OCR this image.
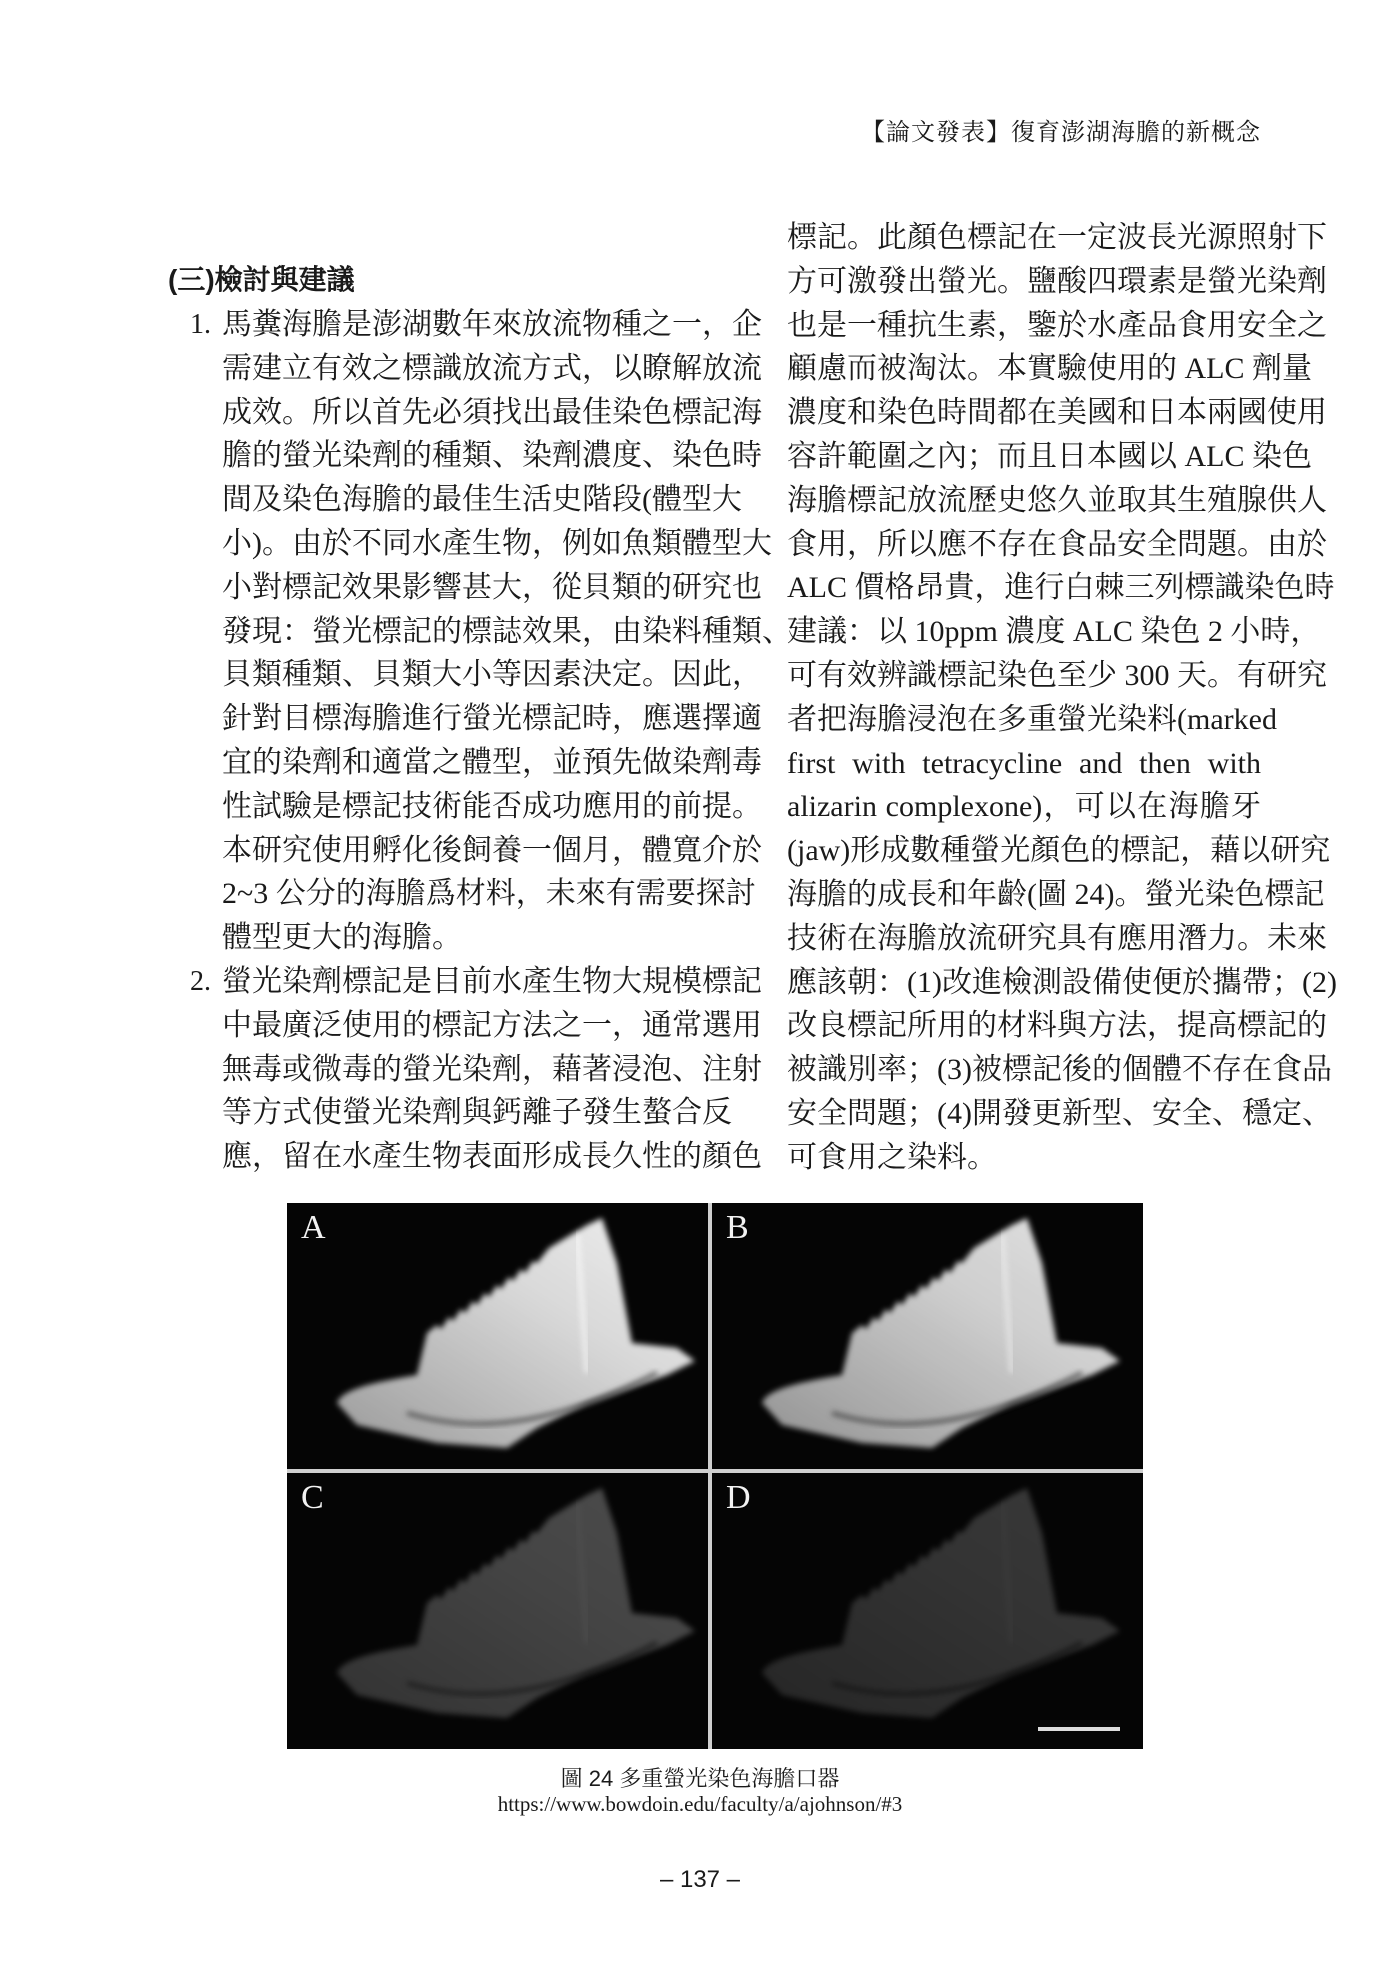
【論文發表】復育澎湖海膽的新概念
(三)檢討與建議
1.
2.
馬糞海膽是澎湖數年來放流物種之一，企
需建立有效之標識放流方式，以瞭解放流
成效。所以首先必須找出最佳染色標記海
膽的螢光染劑的種類、染劑濃度、染色時
間及染色海膽的最佳生活史階段(體型大
小)。由於不同水產生物，例如魚類體型大
小對標記效果影響甚大，從貝類的研究也
發現：螢光標記的標誌效果，由染料種類、
貝類種類、貝類大小等因素決定。因此，
針對目標海膽進行螢光標記時，應選擇適
宜的染劑和適當之體型，並預先做染劑毒
性試驗是標記技術能否成功應用的前提。
本研究使用孵化後飼養一個月，體寬介於
2~3 公分的海膽爲材料，未來有需要探討
體型更大的海膽。
螢光染劑標記是目前水產生物大規模標記
中最廣泛使用的標記方法之一，通常選用
無毒或微毒的螢光染劑，藉著浸泡、注射
等方式使螢光染劑與鈣離子發生螯合反
應，留在水產生物表面形成長久性的顏色
標記。此顏色標記在一定波長光源照射下
方可激發出螢光。鹽酸四環素是螢光染劑
也是一種抗生素，鑒於水產品食用安全之
顧慮而被淘汰。本實驗使用的 ALC 劑量
濃度和染色時間都在美國和日本兩國使用
容許範圍之內；而且日本國以 ALC 染色
海膽標記放流歷史悠久並取其生殖腺供人
食用，所以應不存在食品安全問題。由於
ALC 價格昂貴，進行白棘三列標識染色時
建議：以 10ppm 濃度 ALC 染色 2 小時，
可有效辨識標記染色至少 300 天。有研究
者把海膽浸泡在多重螢光染料(marked
first with tetracycline and then with
alizarin complexone)，可以在海膽牙
(jaw)形成數種螢光顏色的標記，藉以研究
海膽的成長和年齡(圖 24)。螢光染色標記
技術在海膽放流研究具有應用潛力。未來
應該朝：(1)改進檢測設備使便於攜帶；(2)
改良標記所用的材料與方法，提高標記的
被識別率；(3)被標記後的個體不存在食品
安全問題；(4)開發更新型、安全、穩定、
可食用之染料。
A	B
C	D
圖 24 多重螢光染色海膽口器
https://www.bowdoin.edu/faculty/a/ajohnson/#3
– 137 –
